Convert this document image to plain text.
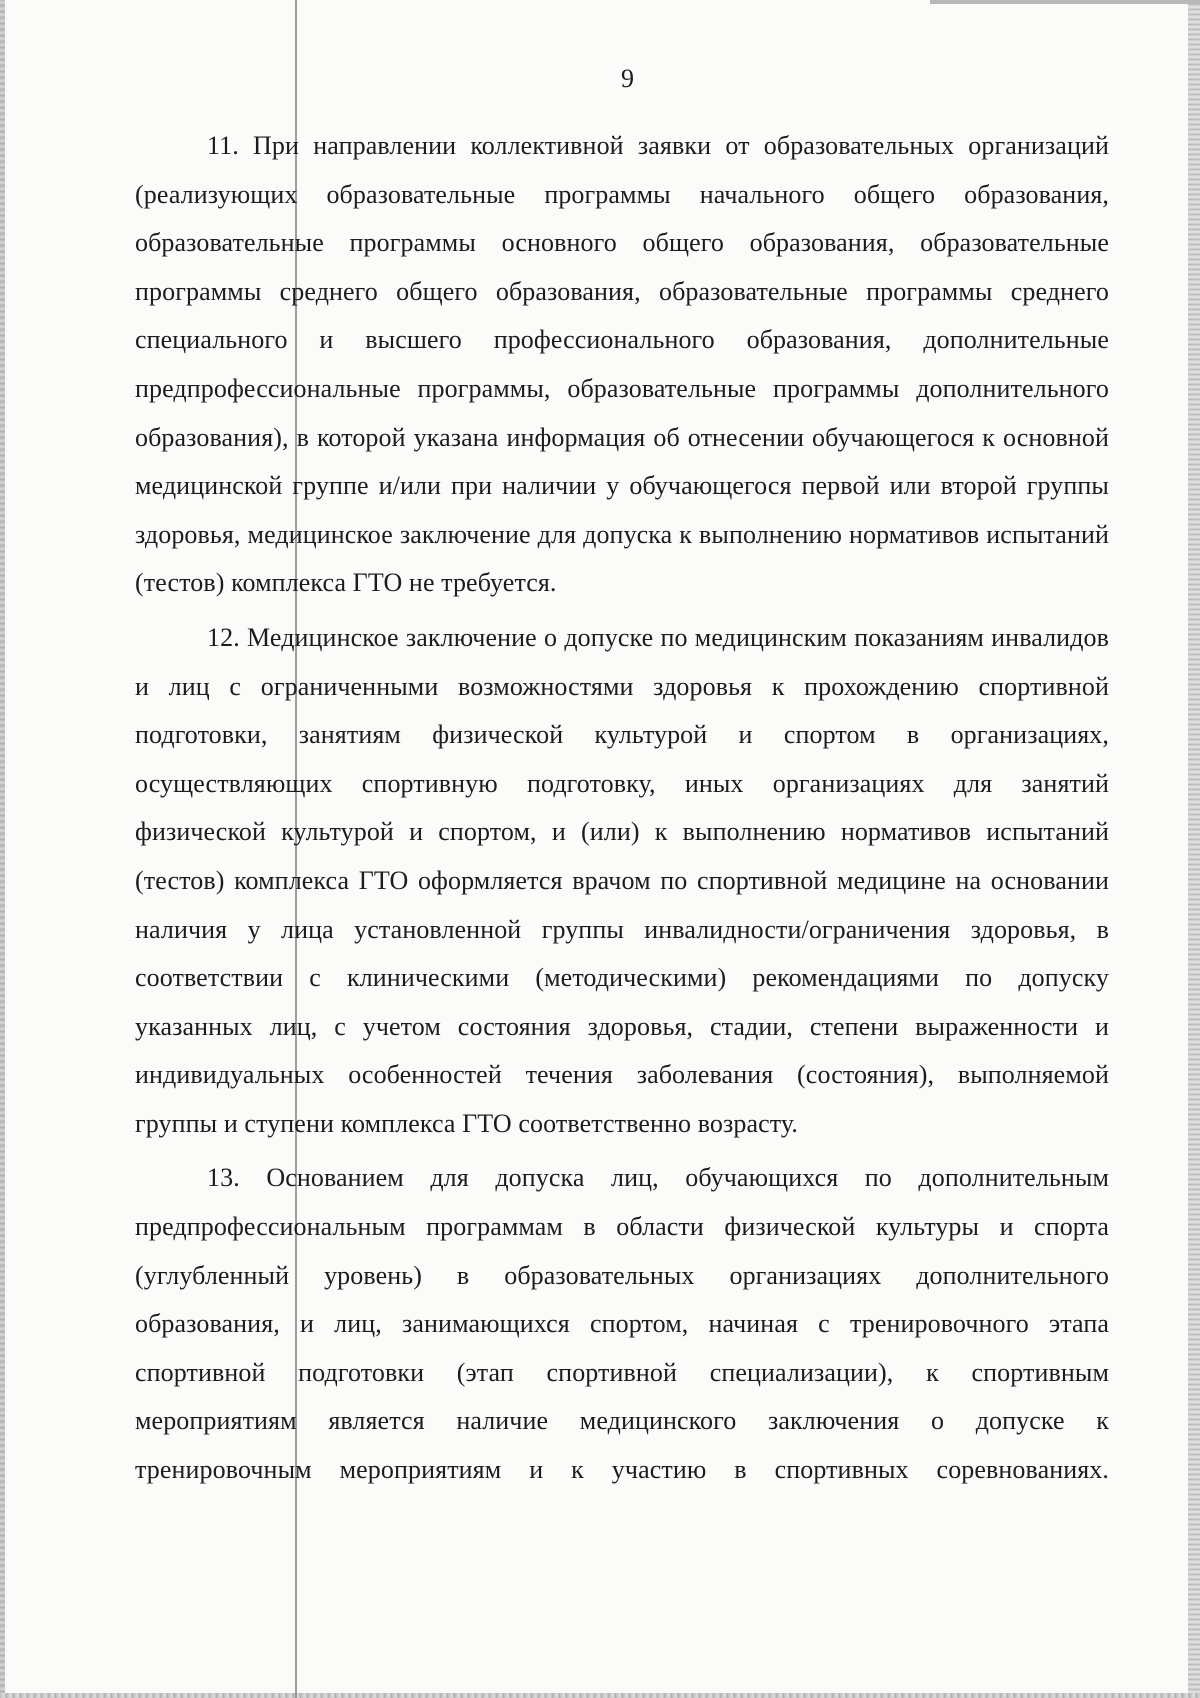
9

11. При направлении коллективной заявки от образовательных организаций (реализующих образовательные программы начального общего образования, образовательные программы основного общего образования, образовательные программы среднего общего образования, образовательные программы среднего специального и высшего профессионального образования, дополнительные предпрофессиональные программы, образовательные программы дополнительного образования), в которой указана информация об отнесении обучающегося к основной медицинской группе и/или при наличии у обучающегося первой или второй группы здоровья, медицинское заключение для допуска к выполнению нормативов испытаний (тестов) комплекса ГТО не требуется.

12. Медицинское заключение о допуске по медицинским показаниям инвалидов и лиц с ограниченными возможностями здоровья к прохождению спортивной подготовки, занятиям физической культурой и спортом в организациях, осуществляющих спортивную подготовку, иных организациях для занятий физической культурой и спортом, и (или) к выполнению нормативов испытаний (тестов) комплекса ГТО оформляется врачом по спортивной медицине на основании наличия у лица установленной группы инвалидности/ограничения здоровья, в соответствии с клиническими (методическими) рекомендациями по допуску указанных лиц, с учетом состояния здоровья, стадии, степени выраженности и индивидуальных особенностей течения заболевания (состояния), выполняемой группы и ступени комплекса ГТО соответственно возрасту.

13. Основанием для допуска лиц, обучающихся по дополнительным предпрофессиональным программам в области физической культуры и спорта (углубленный уровень) в образовательных организациях дополнительного образования, и лиц, занимающихся спортом, начиная с тренировочного этапа спортивной подготовки (этап спортивной специализации), к спортивным мероприятиям является наличие медицинского заключения о допуске к тренировочным мероприятиям и к участию в спортивных соревнованиях.
